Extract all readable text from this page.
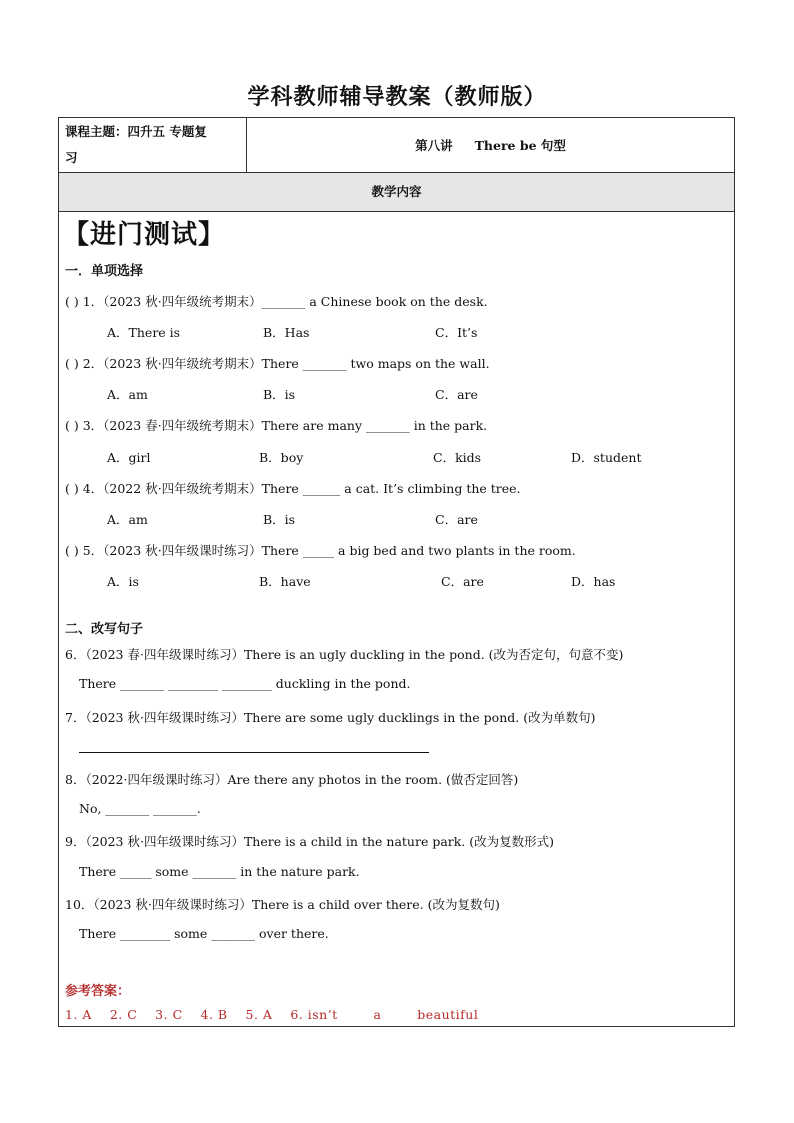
学科教师辅导教案（教师版）
课程主题：四升五 专题复
习
第八讲 There be 句型
教学内容
【进门测试】
一．单项选择
( ) 1．（2023 秋·四年级统考期末）_______ a Chinese book on the desk.
A．There is	B．Has	C．It’s
( ) 2．（2023 秋·四年级统考期末）There _______ two maps on the wall.
A．am	B．is	C．are
( ) 3．（2023 春·四年级统考期末）There are many _______ in the park.
A．girl	B．boy	C．kids	D．student
( ) 4．（2022 秋·四年级统考期末）There ______ a cat. It’s climbing the tree.
A．am	B．is	C．are
( ) 5．（2023 秋·四年级课时练习）There _____ a big bed and two plants in the room.
A．is	B．have	C．are	D．has
二、改写句子
6．（2023 春·四年级课时练习）There is an ugly duckling in the pond. (改为否定句，句意不变)
There _______ ________ ________ duckling in the pond.
7．（2023 秋·四年级课时练习）There are some ugly ducklings in the pond. (改为单数句)
8．（2022·四年级课时练习）Are there any photos in the room. (做否定回答)
No, _______ _______.
9．（2023 秋·四年级课时练习）There is a child in the nature park. (改为复数形式)
There _____ some _______ in the nature park.
10．（2023 秋·四年级课时练习）There is a child over there. (改为复数句)
There ________ some _______ over there.
参考答案：
1. A    2. C    3. C    4. B    5. A    6. isn’t        a        beautiful
